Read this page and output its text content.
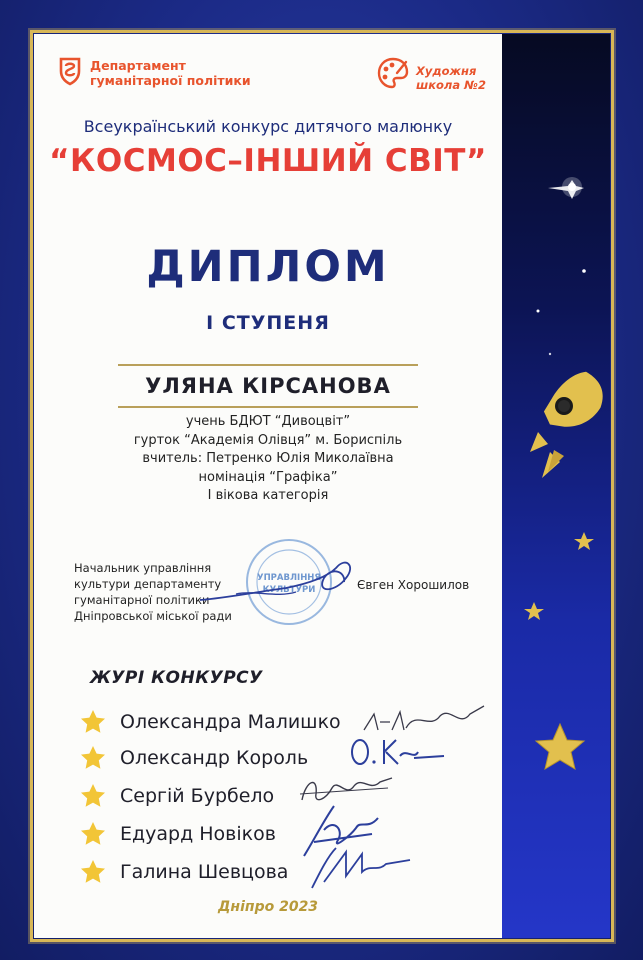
Департамент
гуманітарної політики
Художня
школа №2
Всеукраїнський конкурс дитячого малюнку
“КОСМОС–ІНШИЙ СВІТ”
ДИПЛОМ
І СТУПЕНЯ
УЛЯНА КІРСАНОВА
учень БДЮТ “Дивоцвіт”
гурток “Академія Олівця” м. Бориспіль
вчитель: Петренко Юлія Миколаївна
номінація “Графіка”
І вікова категорія
Начальник управління
культури департаменту
гуманітарної політики
Дніпровської міської ради
УПРАВЛІННЯ
КУЛЬТУРИ	Євген Хорошилов
ЖУРІ КОНКУРСУ
Олександра Малишко
Олександр Король
Сергій Бурбело
Едуард Новіков
Галина Шевцова
Дніпро 2023
